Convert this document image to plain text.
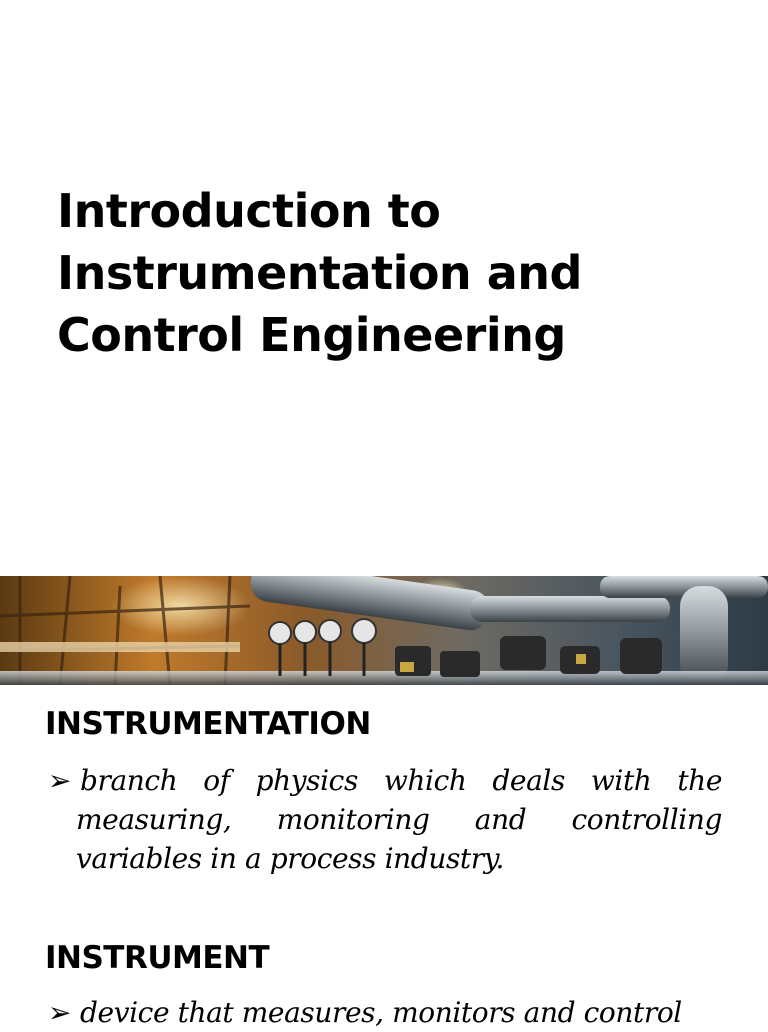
Introduction to
Instrumentation and
Control Engineering
INSTRUMENTATION
➢ branch of physics which deals with the
measuring, monitoring and controlling
variables in a process industry.
INSTRUMENT
➢ device that measures, monitors and control
